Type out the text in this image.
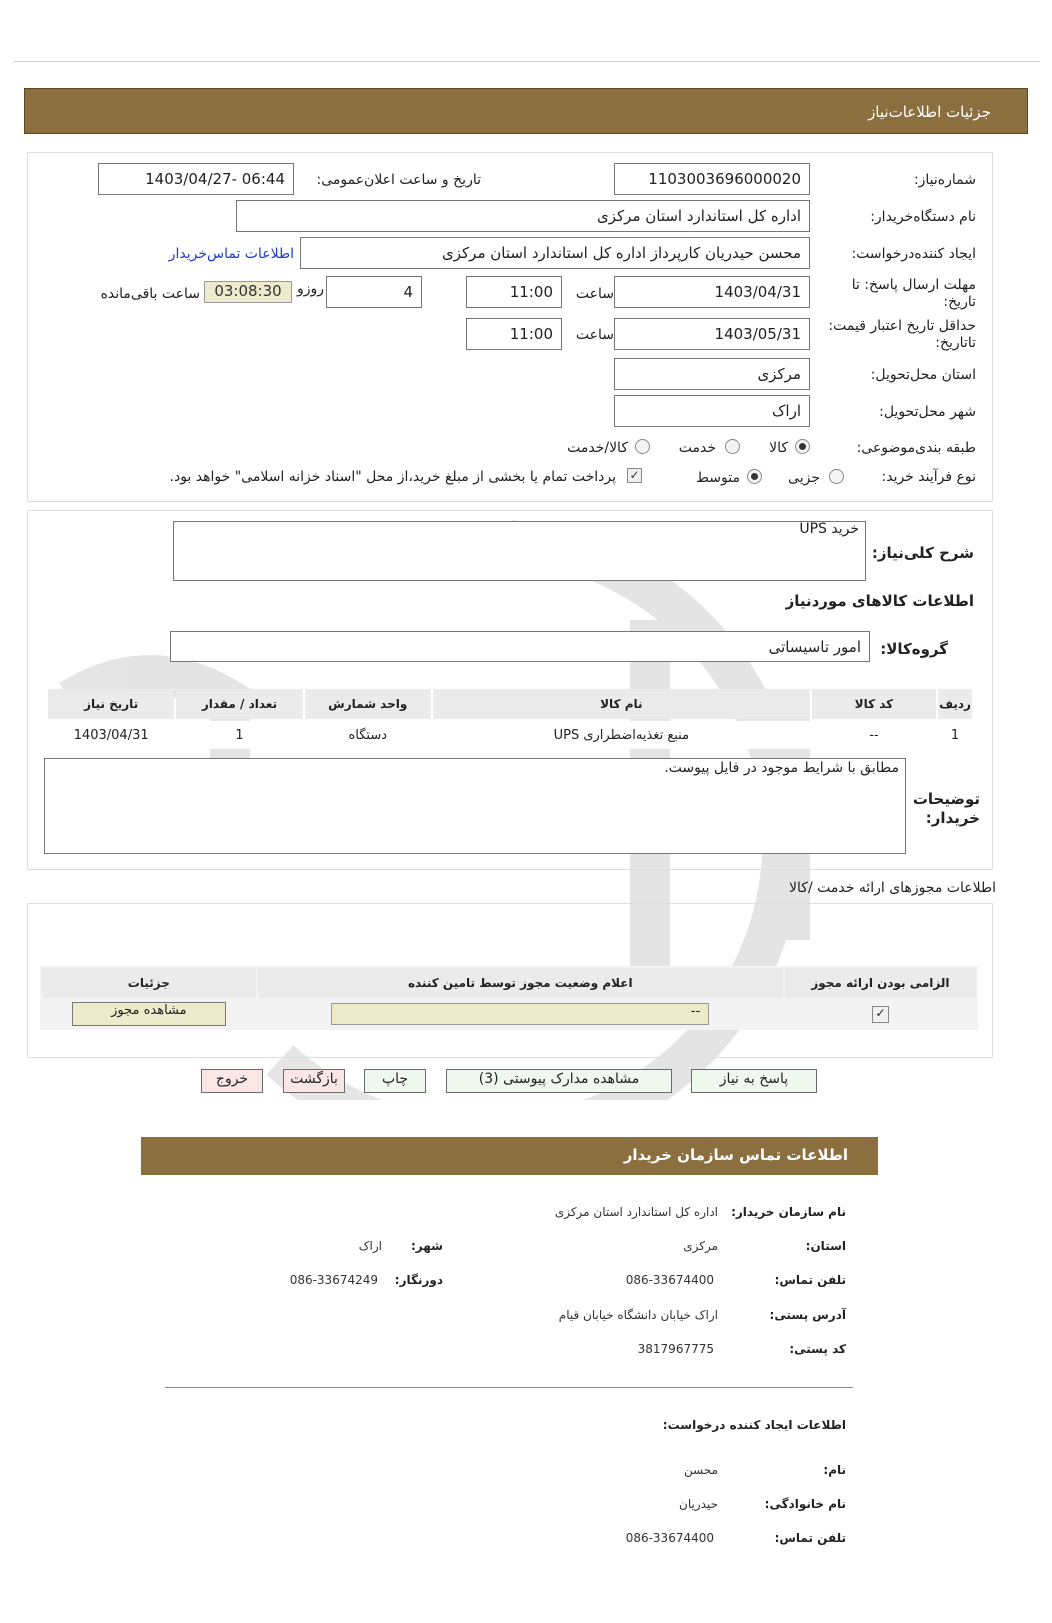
جزئیات اطلاعات‌نیاز
شماره‌نیاز:
1103003696000020
تاریخ و ساعت اعلان‌عمومی:
1403/04/27- 06:44
نام دستگاه‌خریدار:
اداره کل استاندارد استان مرکزی
ایجاد کننده‌درخواست:
محسن حیدریان کارپرداز اداره کل استاندارد استان مرکزی
اطلاعات تماس‌خریدار
مهلت ارسال پاسخ: تا تاریخ:
1403/04/31
ساعت
11:00
4
روزو
03:08:30
ساعت باقی‌مانده
حداقل تاریخ اعتبار قیمت: تاتاریخ:
1403/05/31
ساعت
11:00
استان محل‌تحویل:
مرکزی
شهر محل‌تحویل:
اراک
طبقه بندی‌موضوعی:
کالا
خدمت
کالا/خدمت
نوع فرآیند خرید:
جزیی
متوسط
✓
پرداخت تمام یا بخشی از مبلغ خرید،از محل "اسناد خزانه اسلامی" خواهد بود.
شرح کلی‌نیاز:
خرید UPS
اطلاعات کالاهای موردنیاز
گروه‌کالا:
امور تاسیساتی
ردیف	کد کالا	نام کالا	واحد شمارش	تعداد / مقدار	تاریخ نیاز
1	--	منبع تغذیه‌اضطراری UPS	دستگاه	1	1403/04/31
توضیحات خریدار:
مطابق با شرایط موجود در فایل پیوست.
اطلاعات مجوزهای ارائه خدمت /کالا
الزامی بودن ارائه مجوز	اعلام وضعیت مجوز توسط تامین کننده	جزئیات
✓	--	مشاهده مجوز
پاسخ به نیاز
مشاهده مدارک پیوستی (3)
چاپ
بازگشت
خروج
اطلاعات تماس سازمان خریدار
نام سازمان خریدار:
اداره کل استاندارد استان مرکزی
استان:
مرکزی
شهر:
اراک
تلفن تماس:
086-33674400
دورنگار:
086-33674249
آدرس پستی:
اراک خیابان دانشگاه خیابان قیام
کد پستی:
3817967775
اطلاعات ایجاد کننده درخواست:
نام:
محسن
نام خانوادگی:
حیدریان
تلفن تماس:
086-33674400
